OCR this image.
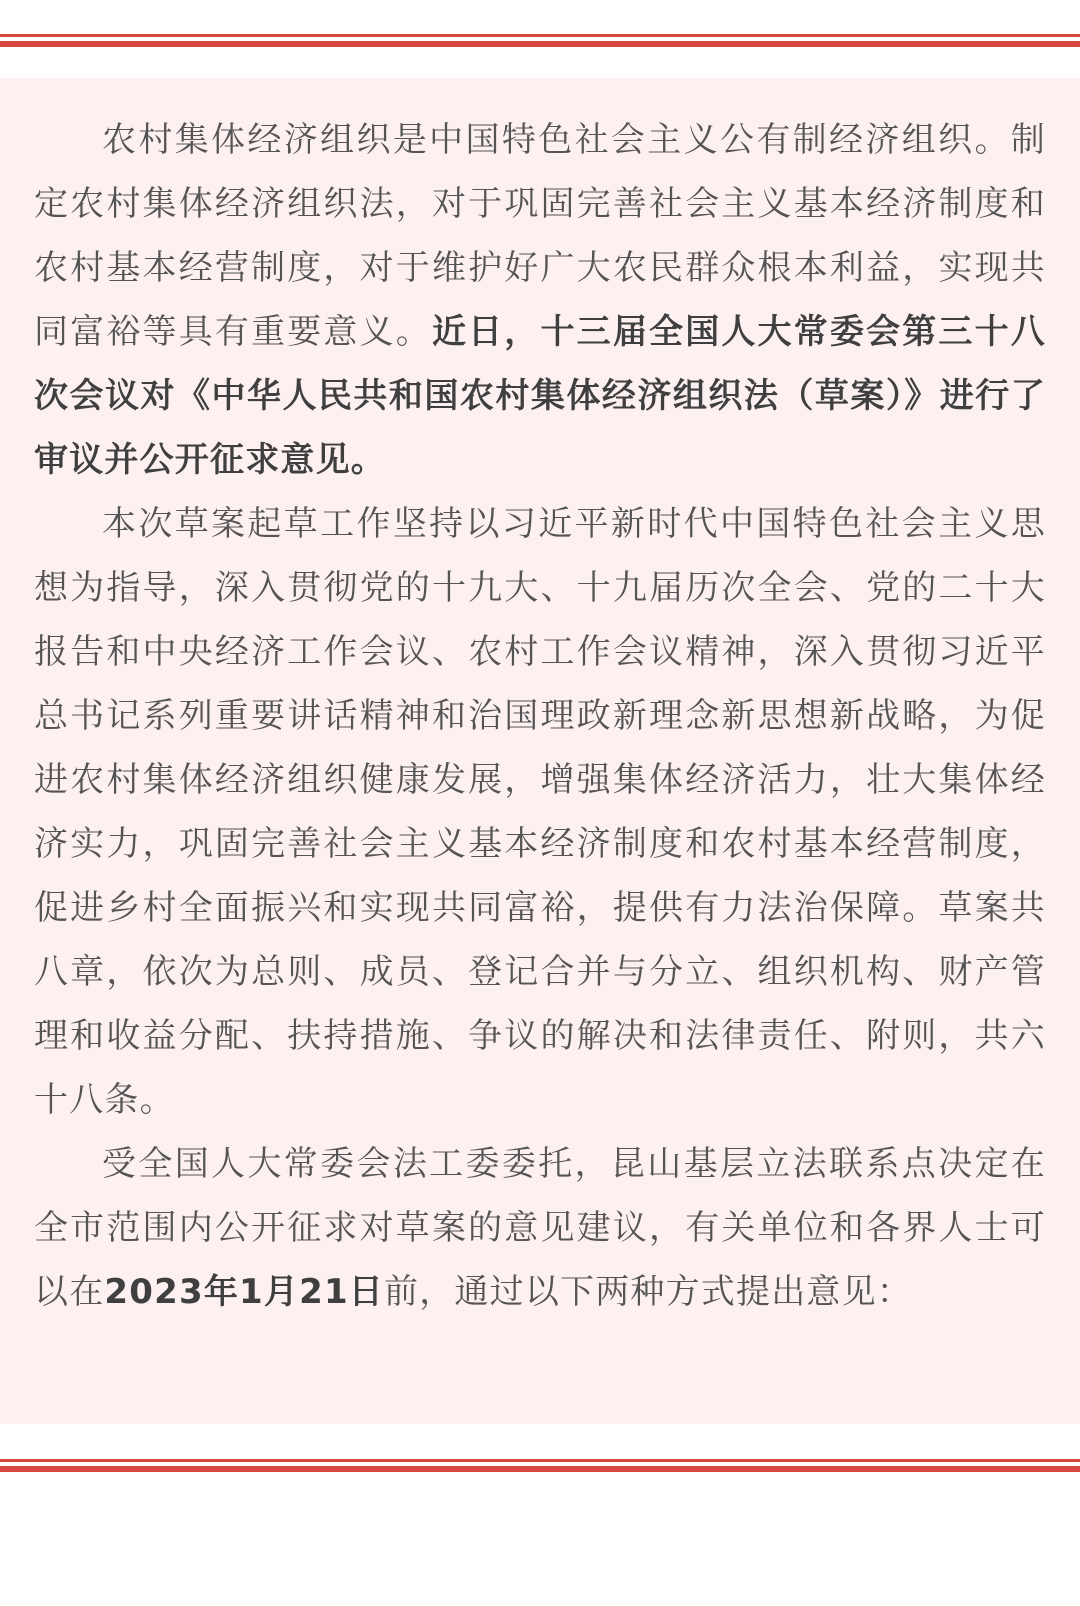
农村集体经济组织是中国特色社会主义公有制经济组织。制定农村集体经济组织法，对于巩固完善社会主义基本经济制度和农村基本经营制度，对于维护好广大农民群众根本利益，实现共同富裕等具有重要意义。近日，十三届全国人大常委会第三十八次会议对《中华人民共和国农村集体经济组织法（草案）》进行了审议并公开征求意见。

本次草案起草工作坚持以习近平新时代中国特色社会主义思想为指导，深入贯彻党的十九大、十九届历次全会、党的二十大报告和中央经济工作会议、农村工作会议精神，深入贯彻习近平总书记系列重要讲话精神和治国理政新理念新思想新战略，为促进农村集体经济组织健康发展，增强集体经济活力，壮大集体经济实力，巩固完善社会主义基本经济制度和农村基本经营制度，促进乡村全面振兴和实现共同富裕，提供有力法治保障。草案共八章，依次为总则、成员、登记合并与分立、组织机构、财产管理和收益分配、扶持措施、争议的解决和法律责任、附则，共六十八条。

受全国人大常委会法工委委托，昆山基层立法联系点决定在全市范围内公开征求对草案的意见建议，有关单位和各界人士可以在2023年1月21日前，通过以下两种方式提出意见：
